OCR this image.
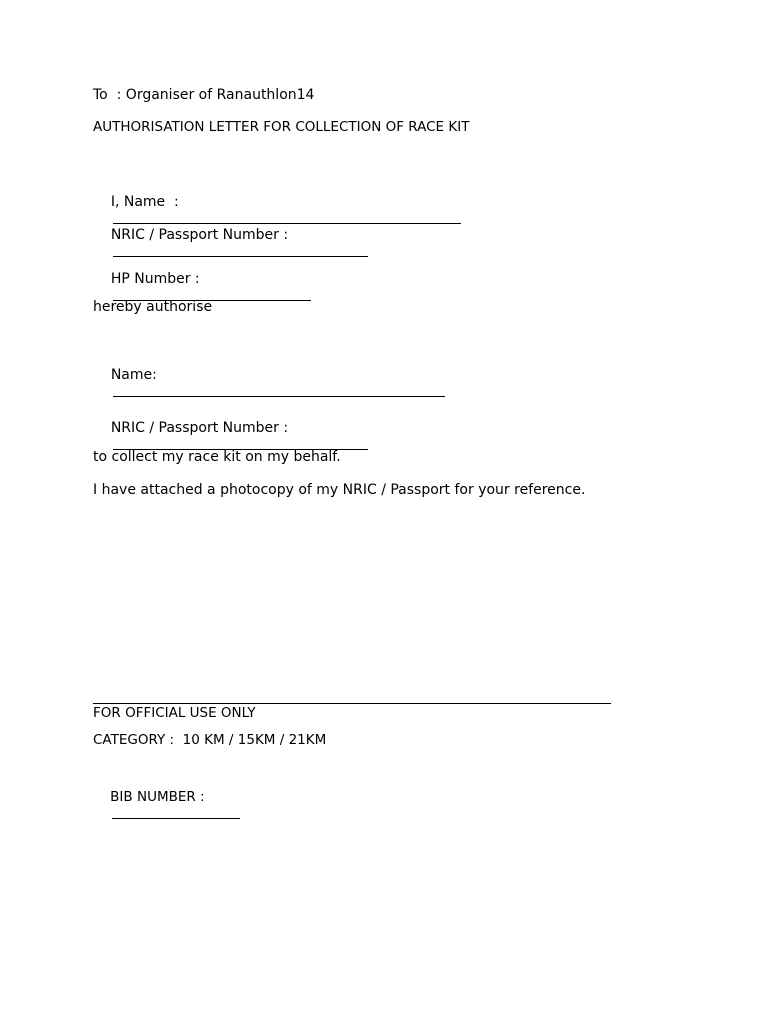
To  : Organiser of Ranauthlon14
AUTHORISATION LETTER FOR COLLECTION OF RACE KIT

I, Name  :

NRIC / Passport Number :

HP Number :

hereby authorise

Name:

NRIC / Passport Number :

to collect my race kit on my behalf.
I have attached a photocopy of my NRIC / Passport for your reference.
FOR OFFICIAL USE ONLY
CATEGORY :  10 KM / 15KM / 21KM

BIB NUMBER :
